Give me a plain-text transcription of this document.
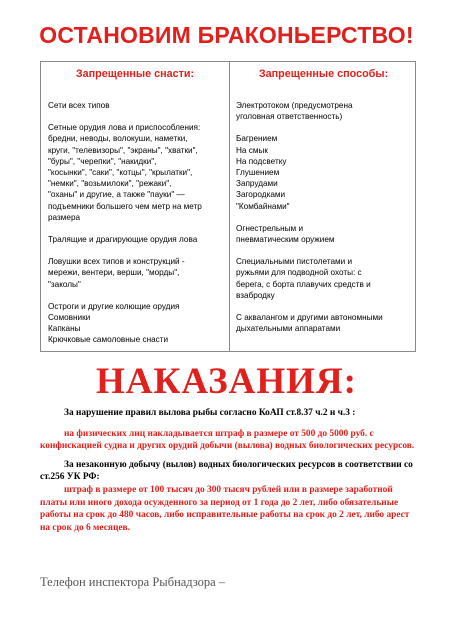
ОСТАНОВИМ БРАКОНЬЕРСТВО!
Запрещенные снасти:

Сети всех типов

Сетные орудия лова и приспособления:
бредни, неводы, волокуши, наметки,
круги, "телевизоры", "экраны", "хватки",
"буры", "черепки", "накидки",
"косынки", "саки", "котцы", "крылатки",
"немки", "возьмилоки", "режаки",
"оханы" и другие, а также "пауки" —
подъемники большего чем метр на метр
размера

Тралящие и драгирующие орудия лова

Ловушки всех типов и конструкций -
мережи, вентери, верши, "морды",
"заколы"

Остроги и другие колющие орудия
Сомовники
Капканы
Крючковые самоловные снасти

Запрещенные способы:

Электротоком (предусмотрена
уголовная ответственность)

Багрением
На смык
На подсветку
Глушением
Запрудами
Загородками
"Комбайнами"

Огнестрельным и
пневматическим оружием

Специальными пистолетами и
ружьями для подводной охоты: с
берега, с борта плавучих средств и
взабродку

С аквалангом и другими автономными
дыхательными аппаратами

НАКАЗАНИЯ:

За нарушение правил вылова рыбы согласно КоАП ст.8.37 ч.2 и ч.3 :

на физических лиц накладывается штраф в размере от 500 до 5000 руб. с конфискацией судна и других орудий добычи (вылова) водных биологических ресурсов.

За незаконную добычу (вылов) водных биологических ресурсов в соответствии со ст.256 УК РФ:

штраф в размере от 100 тысяч до 300 тысяч рублей или в размере заработной платы или иного дохода осужденного за период от 1 года до 2 лет, либо обязательные работы на срок до 480 часов, либо исправительные работы на срок до 2 лет, либо арест на срок до 6 месяцев.

Телефон инспектора Рыбнадзора –
